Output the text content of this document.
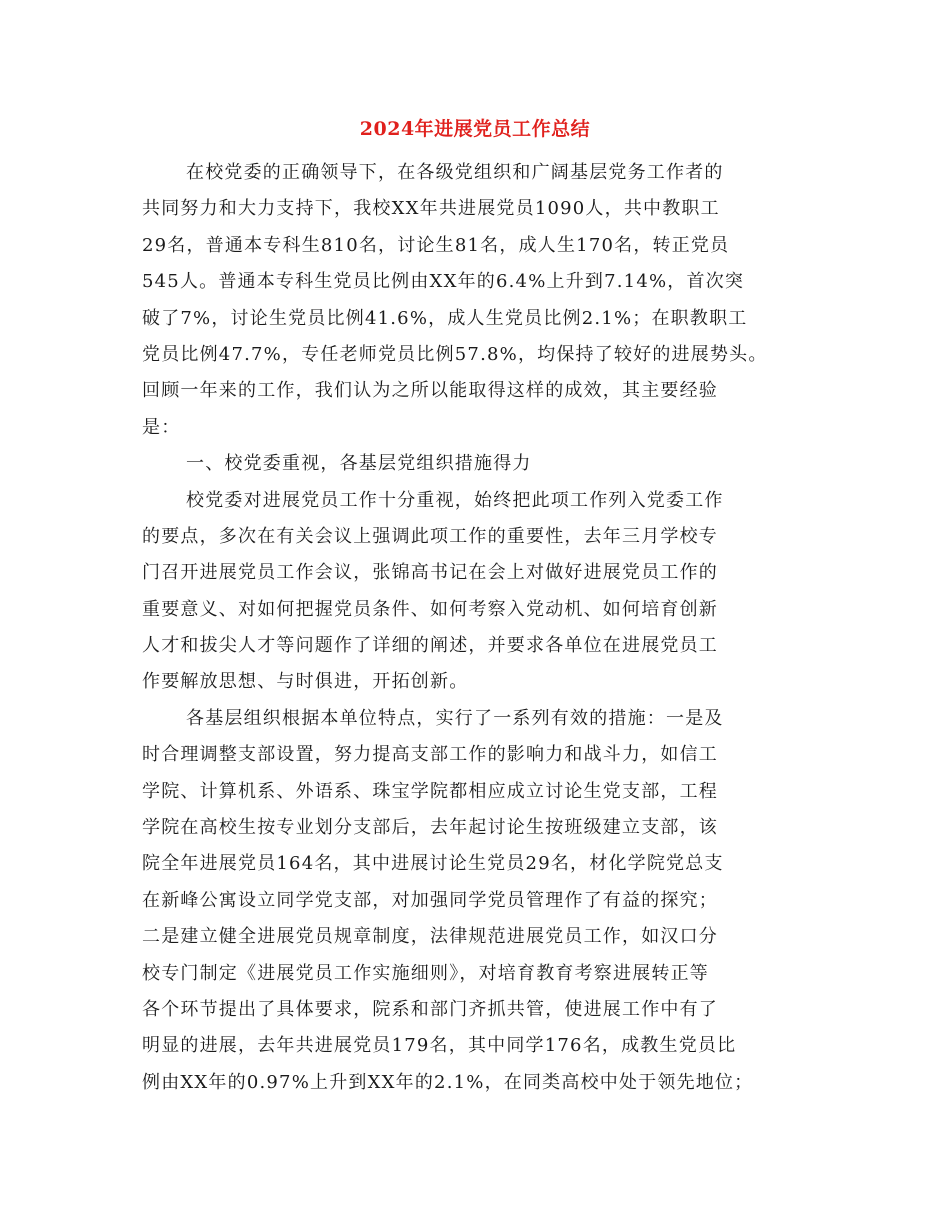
2024年进展党员工作总结
在校党委的正确领导下，在各级党组织和广阔基层党务工作者的
共同努力和大力支持下，我校XX年共进展党员1090人，共中教职工
29名，普通本专科生810名，讨论生81名，成人生170名，转正党员
545人。普通本专科生党员比例由XX年的6.4%上升到7.14%，首次突
破了7%，讨论生党员比例41.6%，成人生党员比例2.1%；在职教职工
党员比例47.7%，专任老师党员比例57.8%，均保持了较好的进展势头。
回顾一年来的工作，我们认为之所以能取得这样的成效，其主要经验
是：
一、校党委重视，各基层党组织措施得力
校党委对进展党员工作十分重视，始终把此项工作列入党委工作
的要点，多次在有关会议上强调此项工作的重要性，去年三月学校专
门召开进展党员工作会议，张锦高书记在会上对做好进展党员工作的
重要意义、对如何把握党员条件、如何考察入党动机、如何培育创新
人才和拔尖人才等问题作了详细的阐述，并要求各单位在进展党员工
作要解放思想、与时俱进，开拓创新。
各基层组织根据本单位特点，实行了一系列有效的措施：一是及
时合理调整支部设置，努力提高支部工作的影响力和战斗力，如信工
学院、计算机系、外语系、珠宝学院都相应成立讨论生党支部，工程
学院在高校生按专业划分支部后，去年起讨论生按班级建立支部，该
院全年进展党员164名，其中进展讨论生党员29名，材化学院党总支
在新峰公寓设立同学党支部，对加强同学党员管理作了有益的探究；
二是建立健全进展党员规章制度，法律规范进展党员工作，如汉口分
校专门制定《进展党员工作实施细则》，对培育教育考察进展转正等
各个环节提出了具体要求，院系和部门齐抓共管，使进展工作中有了
明显的进展，去年共进展党员179名，其中同学176名，成教生党员比
例由XX年的0.97%上升到XX年的2.1%，在同类高校中处于领先地位；
